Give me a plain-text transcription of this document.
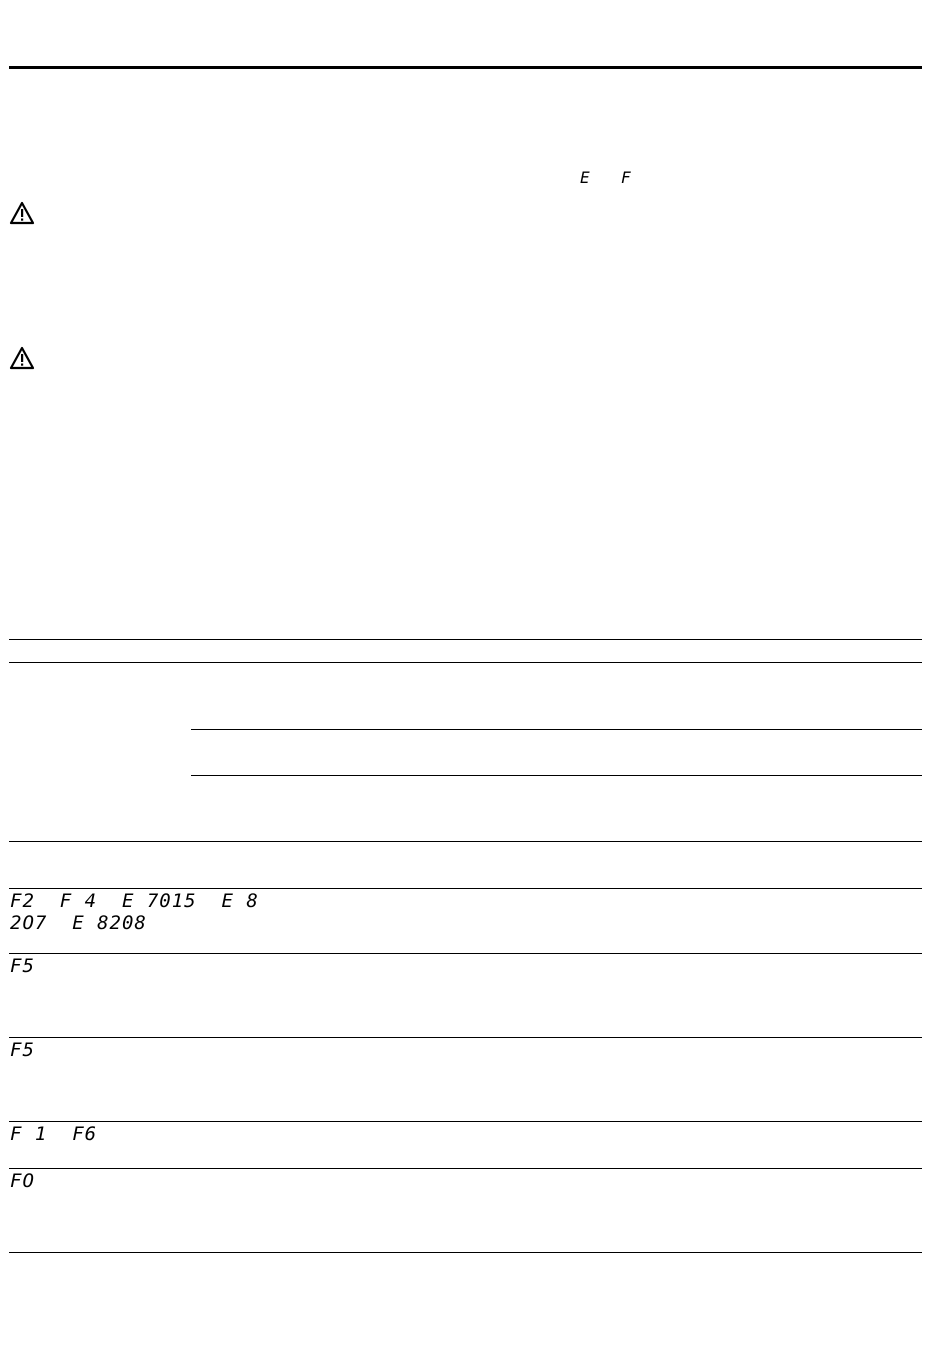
E F
F2  F 4  E 7015  E 8
2O7  E 8208
F5
F5
F 1  F6
FO
